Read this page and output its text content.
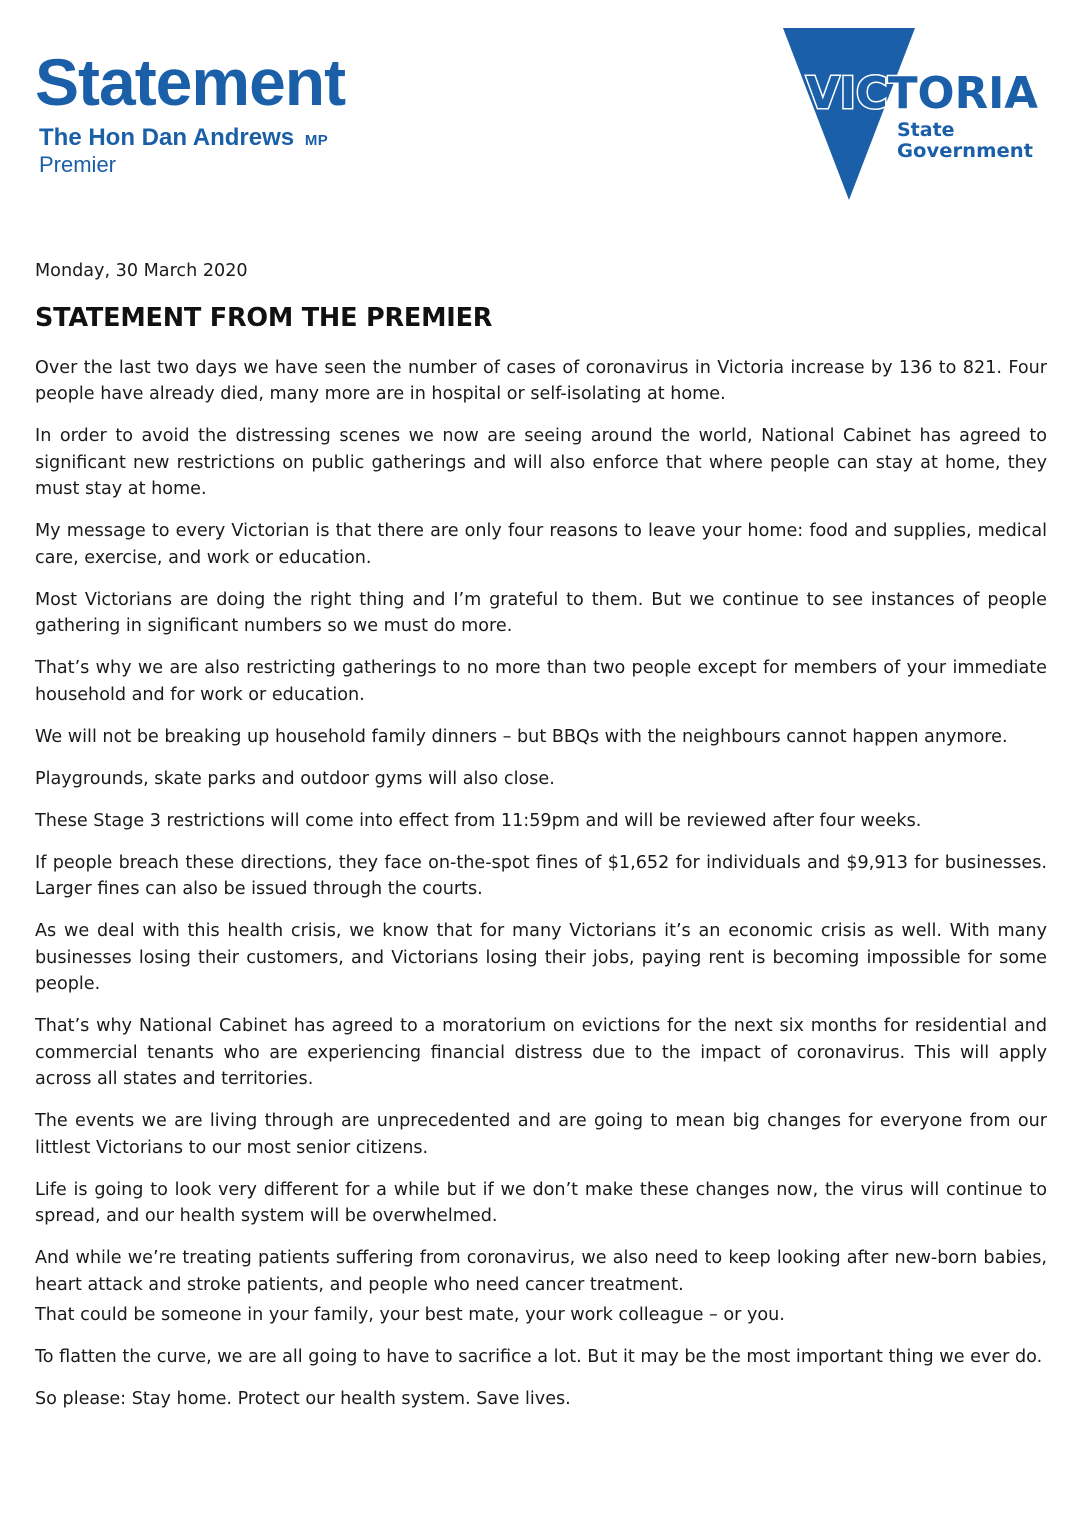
Statement
The Hon Dan Andrews MP
Premier
VICTORIA
State
Government

Monday, 30 March 2020

STATEMENT FROM THE PREMIER

Over the last two days we have seen the number of cases of coronavirus in Victoria increase by 136 to 821. Four people have already died, many more are in hospital or self-isolating at home.

In order to avoid the distressing scenes we now are seeing around the world, National Cabinet has agreed to significant new restrictions on public gatherings and will also enforce that where people can stay at home, they must stay at home.

My message to every Victorian is that there are only four reasons to leave your home: food and supplies, medical care, exercise, and work or education.

Most Victorians are doing the right thing and I’m grateful to them. But we continue to see instances of people gathering in significant numbers so we must do more.

That’s why we are also restricting gatherings to no more than two people except for members of your immediate household and for work or education.

We will not be breaking up household family dinners – but BBQs with the neighbours cannot happen anymore.

Playgrounds, skate parks and outdoor gyms will also close.

These Stage 3 restrictions will come into effect from 11:59pm and will be reviewed after four weeks.

If people breach these directions, they face on-the-spot fines of $1,652 for individuals and $9,913 for businesses. Larger fines can also be issued through the courts.

As we deal with this health crisis, we know that for many Victorians it’s an economic crisis as well. With many businesses losing their customers, and Victorians losing their jobs, paying rent is becoming impossible for some people.

That’s why National Cabinet has agreed to a moratorium on evictions for the next six months for residential and commercial tenants who are experiencing financial distress due to the impact of coronavirus. This will apply across all states and territories.

The events we are living through are unprecedented and are going to mean big changes for everyone from our littlest Victorians to our most senior citizens.

Life is going to look very different for a while but if we don’t make these changes now, the virus will continue to spread, and our health system will be overwhelmed.

And while we’re treating patients suffering from coronavirus, we also need to keep looking after new-born babies, heart attack and stroke patients, and people who need cancer treatment.

That could be someone in your family, your best mate, your work colleague – or you.

To flatten the curve, we are all going to have to sacrifice a lot. But it may be the most important thing we ever do.

So please: Stay home. Protect our health system. Save lives.
